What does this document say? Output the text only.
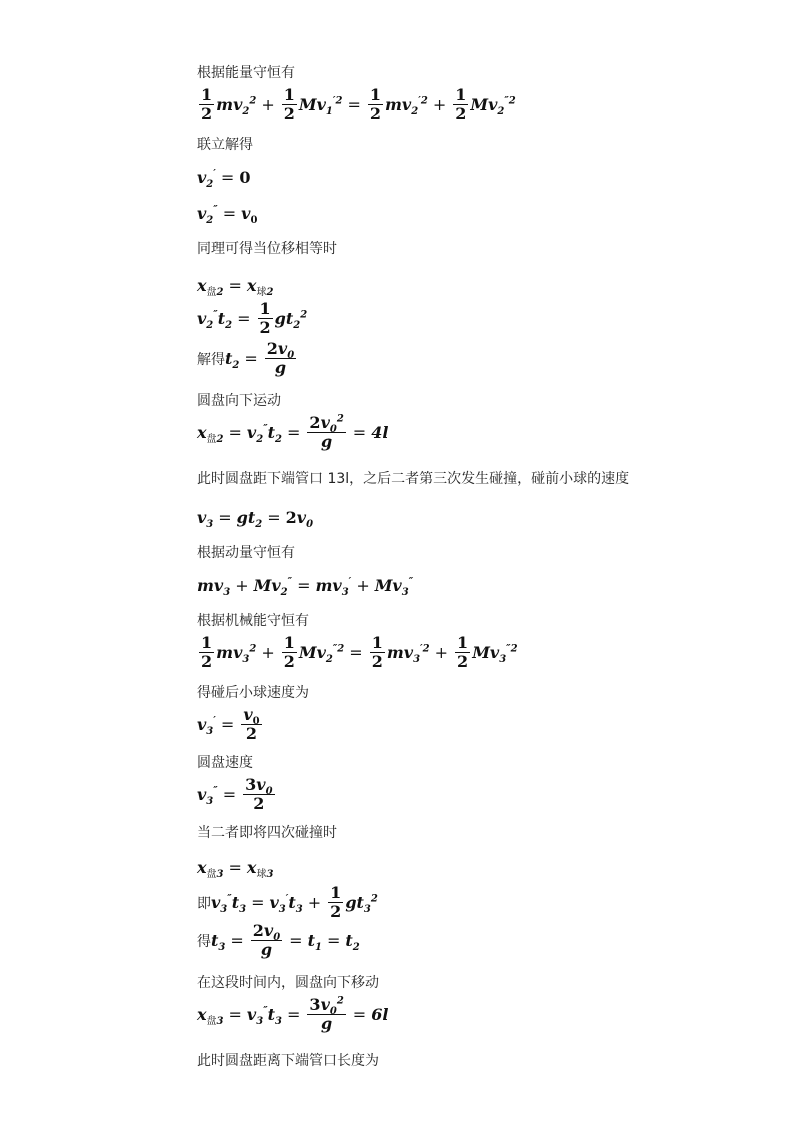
根据能量守恒有
$\frac{1}{2} mv_2^2 + \frac{1}{2} Mv_1^{'2} = \frac{1}{2} mv_2^{'2} + \frac{1}{2} Mv_2^{''2}$
联立解得
$v_2' = 0$
$v_2'' = v_0$
同理可得当位移相等时
$x_{盘2} = x_{球2}$
$v_2''t_2 = \frac{1}{2} gt_2^2$
解得 $t_2 = \frac{2v_0}{g}$
圆盘向下运动
$x_{盘2} = v_2''t_2 = \frac{2v_0^2}{g} = 4l$
此时圆盘距下端管口 13l，之后二者第三次发生碰撞，碰前小球的速度
$v_3 = gt_2 = 2v_0$
根据动量守恒有
$mv_3 + Mv_2'' = mv_3' + Mv_3''$
根据机械能守恒有
$\frac{1}{2} mv_3^2 + \frac{1}{2} Mv_2^{''2} = \frac{1}{2} mv_3^{'2} + \frac{1}{2} Mv_3^{''2}$
得碰后小球速度为
$v_3' = \frac{v_0}{2}$
圆盘速度
$v_3'' = \frac{3v_0}{2}$
当二者即将四次碰撞时
$x_{盘3} = x_{球3}$
即 $v_3''t_3 = v_3't_3 + \frac{1}{2} gt_3^2$
得 $t_3 = \frac{2v_0}{g} = t_1 = t_2$
在这段时间内，圆盘向下移动
$x_{盘3} = v_3''t_3 = \frac{3v_0^2}{g} = 6l$
此时圆盘距离下端管口长度为
